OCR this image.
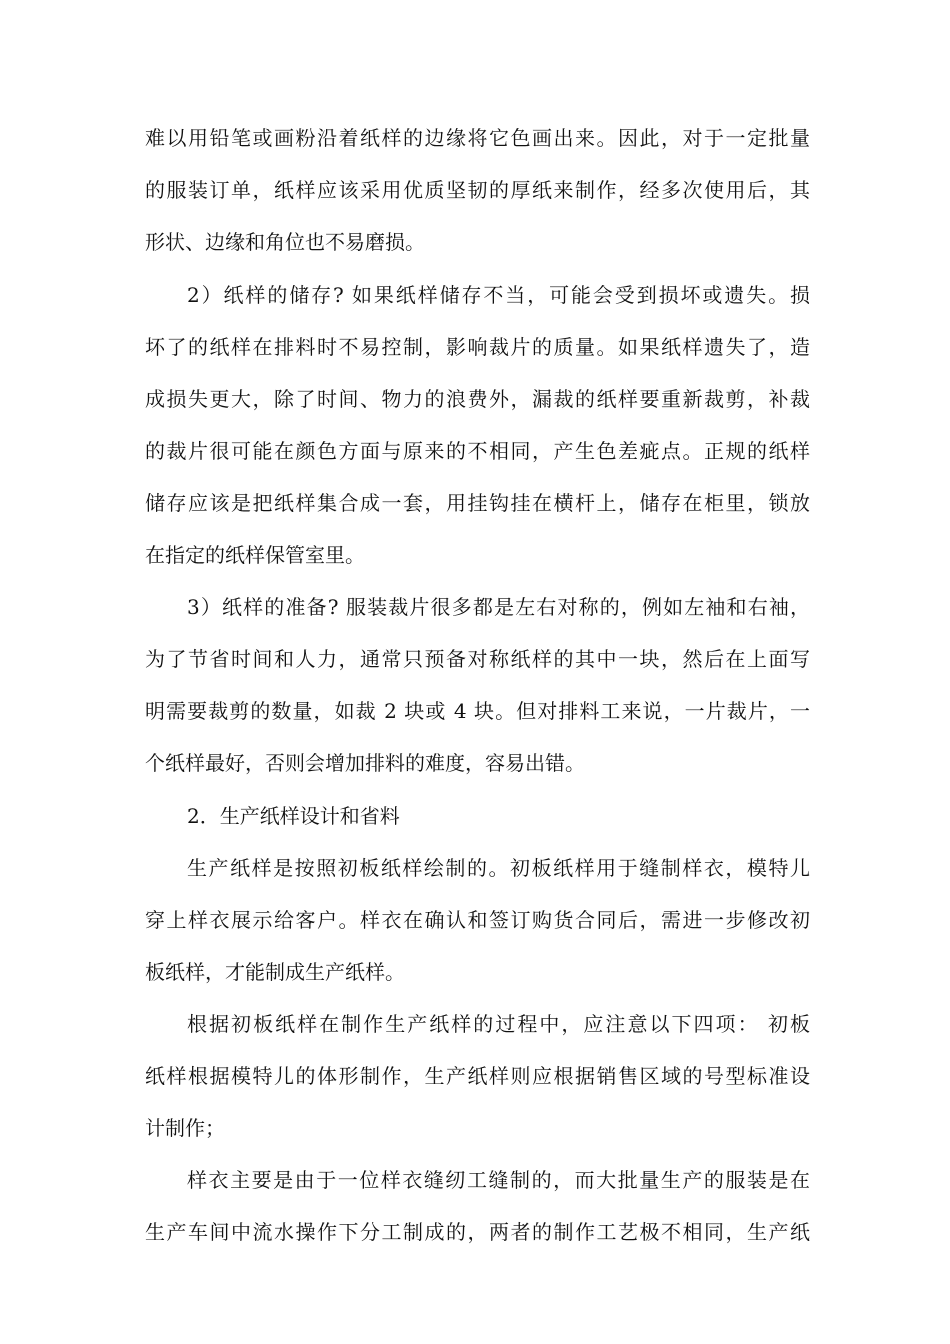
难以用铅笔或画粉沿着纸样的边缘将它色画出来。因此，对于一定批量
的服装订单，纸样应该采用优质坚韧的厚纸来制作，经多次使用后，其
形状、边缘和角位也不易磨损。
2）纸样的储存? 如果纸样储存不当，可能会受到损坏或遗失。损
坏了的纸样在排料时不易控制，影响裁片的质量。如果纸样遗失了，造
成损失更大，除了时间、物力的浪费外，漏裁的纸样要重新裁剪，补裁
的裁片很可能在颜色方面与原来的不相同，产生色差疵点。正规的纸样
储存应该是把纸样集合成一套，用挂钩挂在横杆上，储存在柜里，锁放
在指定的纸样保管室里。
3）纸样的准备? 服装裁片很多都是左右对称的，例如左袖和右袖，
为了节省时间和人力，通常只预备对称纸样的其中一块，然后在上面写
明需要裁剪的数量，如裁 2 块或 4 块。但对排料工来说，一片裁片，一
个纸样最好，否则会增加排料的难度，容易出错。
2．生产纸样设计和省料
生产纸样是按照初板纸样绘制的。初板纸样用于缝制样衣，模特儿
穿上样衣展示给客户。样衣在确认和签订购货合同后，需进一步修改初
板纸样，才能制成生产纸样。
根据初板纸样在制作生产纸样的过程中，应注意以下四项： 初板
纸样根据模特儿的体形制作，生产纸样则应根据销售区域的号型标准设
计制作；
样衣主要是由于一位样衣缝纫工缝制的，而大批量生产的服装是在
生产车间中流水操作下分工制成的，两者的制作工艺极不相同，生产纸
